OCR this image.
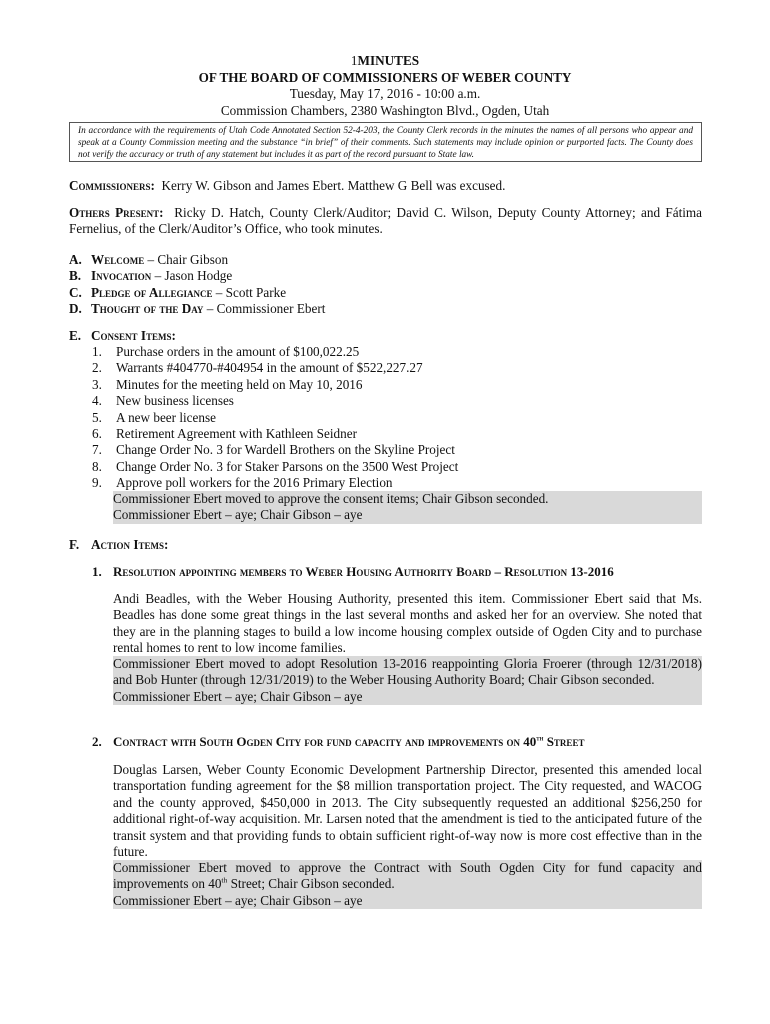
1MINUTES
OF THE BOARD OF COMMISSIONERS OF WEBER COUNTY
Tuesday, May 17, 2016 - 10:00 a.m.
Commission Chambers, 2380 Washington Blvd., Ogden, Utah
In accordance with the requirements of Utah Code Annotated Section 52-4-203, the County Clerk records in the minutes the names of all persons who appear and speak at a County Commission meeting and the substance “in brief” of their comments. Such statements may include opinion or purported facts. The County does not verify the accuracy or truth of any statement but includes it as part of the record pursuant to State law.
Commissioners: Kerry W. Gibson and James Ebert. Matthew G Bell was excused.
Others Present: Ricky D. Hatch, County Clerk/Auditor; David C. Wilson, Deputy County Attorney; and Fátima Fernelius, of the Clerk/Auditor’s Office, who took minutes.
A. Welcome – Chair Gibson
B. Invocation – Jason Hodge
C. Pledge of Allegiance – Scott Parke
D. Thought of the Day – Commissioner Ebert
E. Consent Items:
1.	Purchase orders in the amount of $100,022.25
2.	Warrants #404770-#404954 in the amount of $522,227.27
3.	Minutes for the meeting held on May 10, 2016
4.	New business licenses
5.	A new beer license
6.	Retirement Agreement with Kathleen Seidner
7.	Change Order No. 3 for Wardell Brothers on the Skyline Project
8.	Change Order No. 3 for Staker Parsons on the 3500 West Project
9.	Approve poll workers for the 2016 Primary Election
Commissioner Ebert moved to approve the consent items; Chair Gibson seconded.
Commissioner Ebert – aye; Chair Gibson – aye
F. Action Items:
1. Resolution appointing members to Weber Housing Authority Board – Resolution 13-2016
Andi Beadles, with the Weber Housing Authority, presented this item. Commissioner Ebert said that Ms. Beadles has done some great things in the last several months and asked her for an overview. She noted that they are in the planning stages to build a low income housing complex outside of Ogden City and to purchase rental homes to rent to low income families.
Commissioner Ebert moved to adopt Resolution 13-2016 reappointing Gloria Froerer (through 12/31/2018) and Bob Hunter (through 12/31/2019) to the Weber Housing Authority Board; Chair Gibson seconded.
Commissioner Ebert – aye; Chair Gibson – aye
2. Contract with South Ogden City for fund capacity and improvements on 40th Street
Douglas Larsen, Weber County Economic Development Partnership Director, presented this amended local transportation funding agreement for the $8 million transportation project. The City requested, and WACOG and the county approved, $450,000 in 2013. The City subsequently requested an additional $256,250 for additional right-of-way acquisition. Mr. Larsen noted that the amendment is tied to the anticipated future of the transit system and that providing funds to obtain sufficient right-of-way now is more cost effective than in the future.
Commissioner Ebert moved to approve the Contract with South Ogden City for fund capacity and improvements on 40th Street; Chair Gibson seconded.
Commissioner Ebert – aye; Chair Gibson – aye
